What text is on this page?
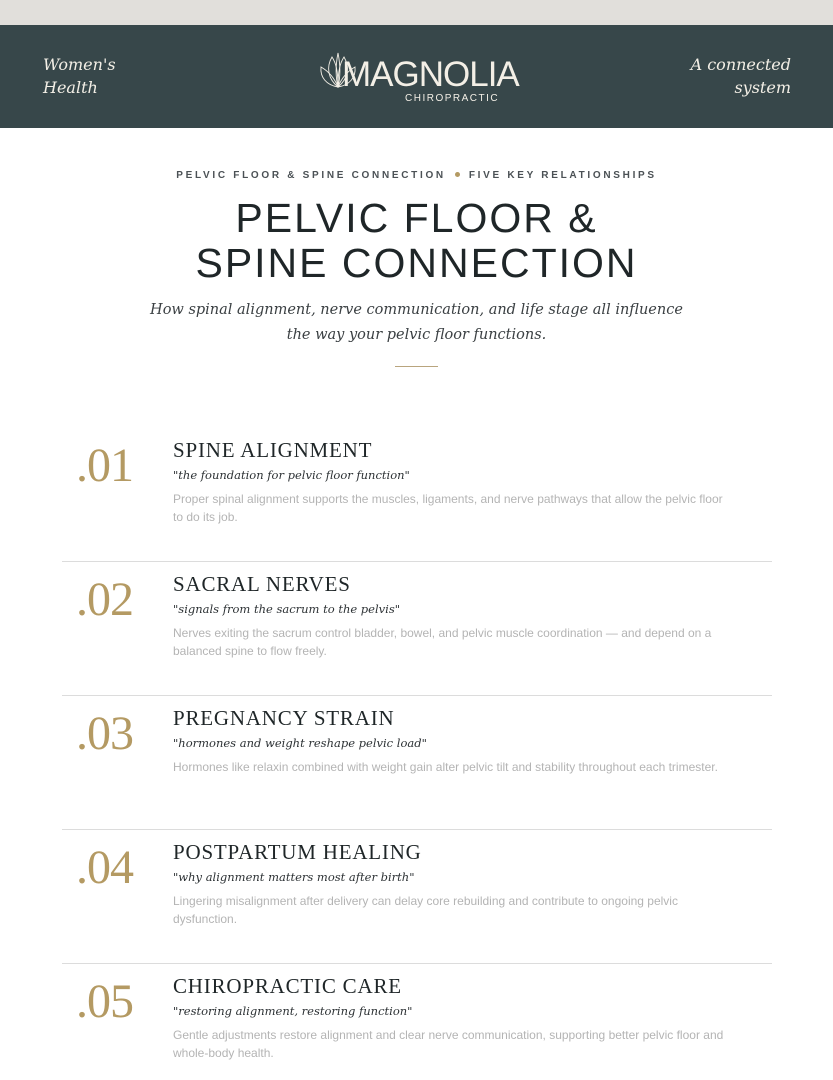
Women's
Health	MAGNOLIA
CHIROPRACTIC
A connected
system
PELVIC FLOOR & SPINE CONNECTION FIVE KEY RELATIONSHIPS
PELVIC FLOOR &
SPINE CONNECTION

How spinal alignment, nerve communication, and life stage all influence the way your pelvic floor functions.

.01	SPINE ALIGNMENT
"the foundation for pelvic floor function"
Proper spinal alignment supports the muscles, ligaments, and nerve pathways that allow the pelvic floor to do its job.
.02	SACRAL NERVES
"signals from the sacrum to the pelvis"
Nerves exiting the sacrum control bladder, bowel, and pelvic muscle coordination — and depend on a balanced spine to flow freely.
.03	PREGNANCY STRAIN
"hormones and weight reshape pelvic load"
Hormones like relaxin combined with weight gain alter pelvic tilt and stability throughout each trimester.
.04	POSTPARTUM HEALING
"why alignment matters most after birth"
Lingering misalignment after delivery can delay core rebuilding and contribute to ongoing pelvic dysfunction.
.05	CHIROPRACTIC CARE
"restoring alignment, restoring function"
Gentle adjustments restore alignment and clear nerve communication, supporting better pelvic floor and whole-body health.
